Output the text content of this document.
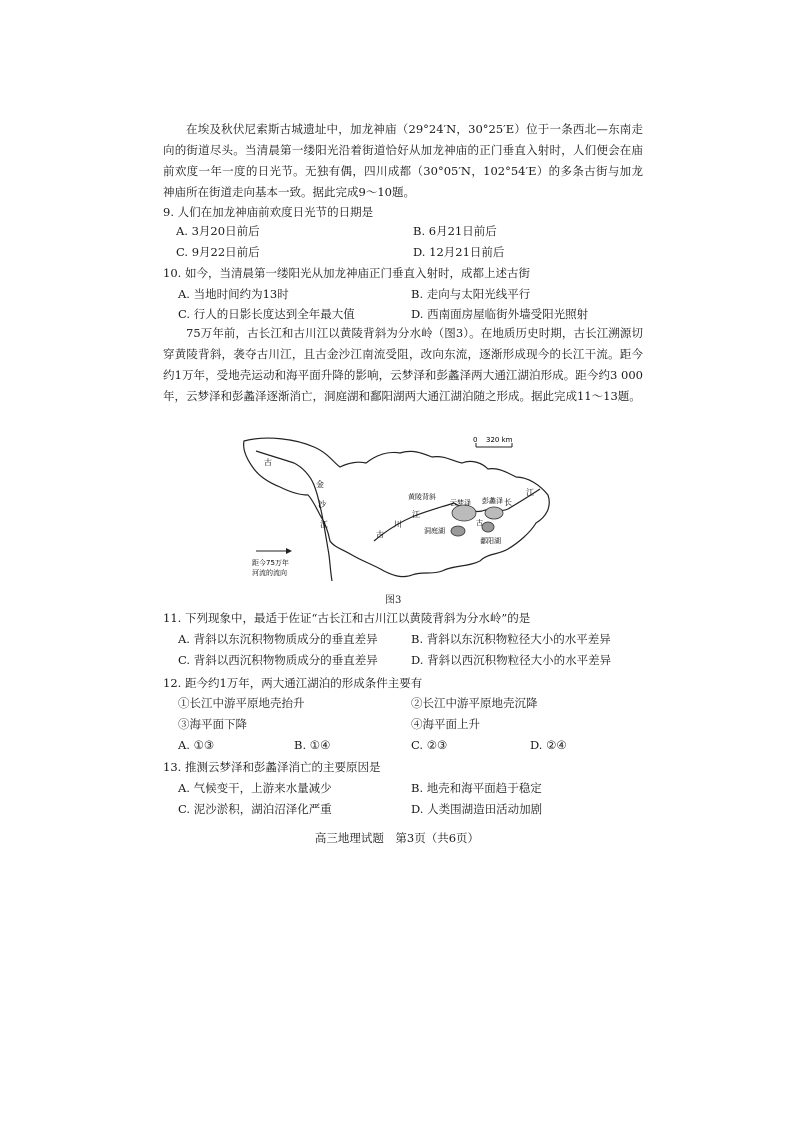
在埃及秋伏尼索斯古城遗址中，加龙神庙（29°24′N，30°25′E）位于一条西北—东南走向的街道尽头。当清晨第一缕阳光沿着街道恰好从加龙神庙的正门垂直入射时，人们便会在庙前欢度一年一度的日光节。无独有偶，四川成都（30°05′N，102°54′E）的多条古街与加龙神庙所在街道走向基本一致。据此完成9～10题。
9. 人们在加龙神庙前欢度日光节的日期是
A. 3月20日前后	B. 6月21日前后
C. 9月22日前后	D. 12月21日前后
10. 如今，当清晨第一缕阳光从加龙神庙正门垂直入射时，成都上述古街
A. 当地时间约为13时	B. 走向与太阳光线平行
C. 行人的日影长度达到全年最大值	D. 西南面房屋临街外墙受阳光照射
75万年前，古长江和古川江以黄陵背斜为分水岭（图3）。在地质历史时期，古长江溯源切穿黄陵背斜，袭夺古川江，且古金沙江南流受阻，改向东流，逐渐形成现今的长江干流。距今约1万年，受地壳运动和海平面升降的影响，云梦泽和彭蠡泽两大通江湖泊形成。距今约3 000年，云梦泽和彭蠡泽逐渐消亡，洞庭湖和鄱阳湖两大通江湖泊随之形成。据此完成11～13题。
0 320 km
黄陵背斜
云梦泽 彭蠡泽
洞庭湖
鄱阳湖
古
金
沙
江
古
川
江
古
长
江
距今75万年
河流的流向
图3
11. 下列现象中，最适于佐证“古长江和古川江以黄陵背斜为分水岭”的是
A. 背斜以东沉积物物质成分的垂直差异	B. 背斜以东沉积物粒径大小的水平差异
C. 背斜以西沉积物物质成分的垂直差异	D. 背斜以西沉积物粒径大小的水平差异
12. 距今约1万年，两大通江湖泊的形成条件主要有
①长江中游平原地壳抬升	②长江中游平原地壳沉降
③海平面下降	④海平面上升
A. ①③	B. ①④	C. ②③	D. ②④
13. 推测云梦泽和彭蠡泽消亡的主要原因是
A. 气候变干，上游来水量减少	B. 地壳和海平面趋于稳定
C. 泥沙淤积，湖泊沼泽化严重	D. 人类围湖造田活动加剧
高三地理试题　第3页（共6页）
